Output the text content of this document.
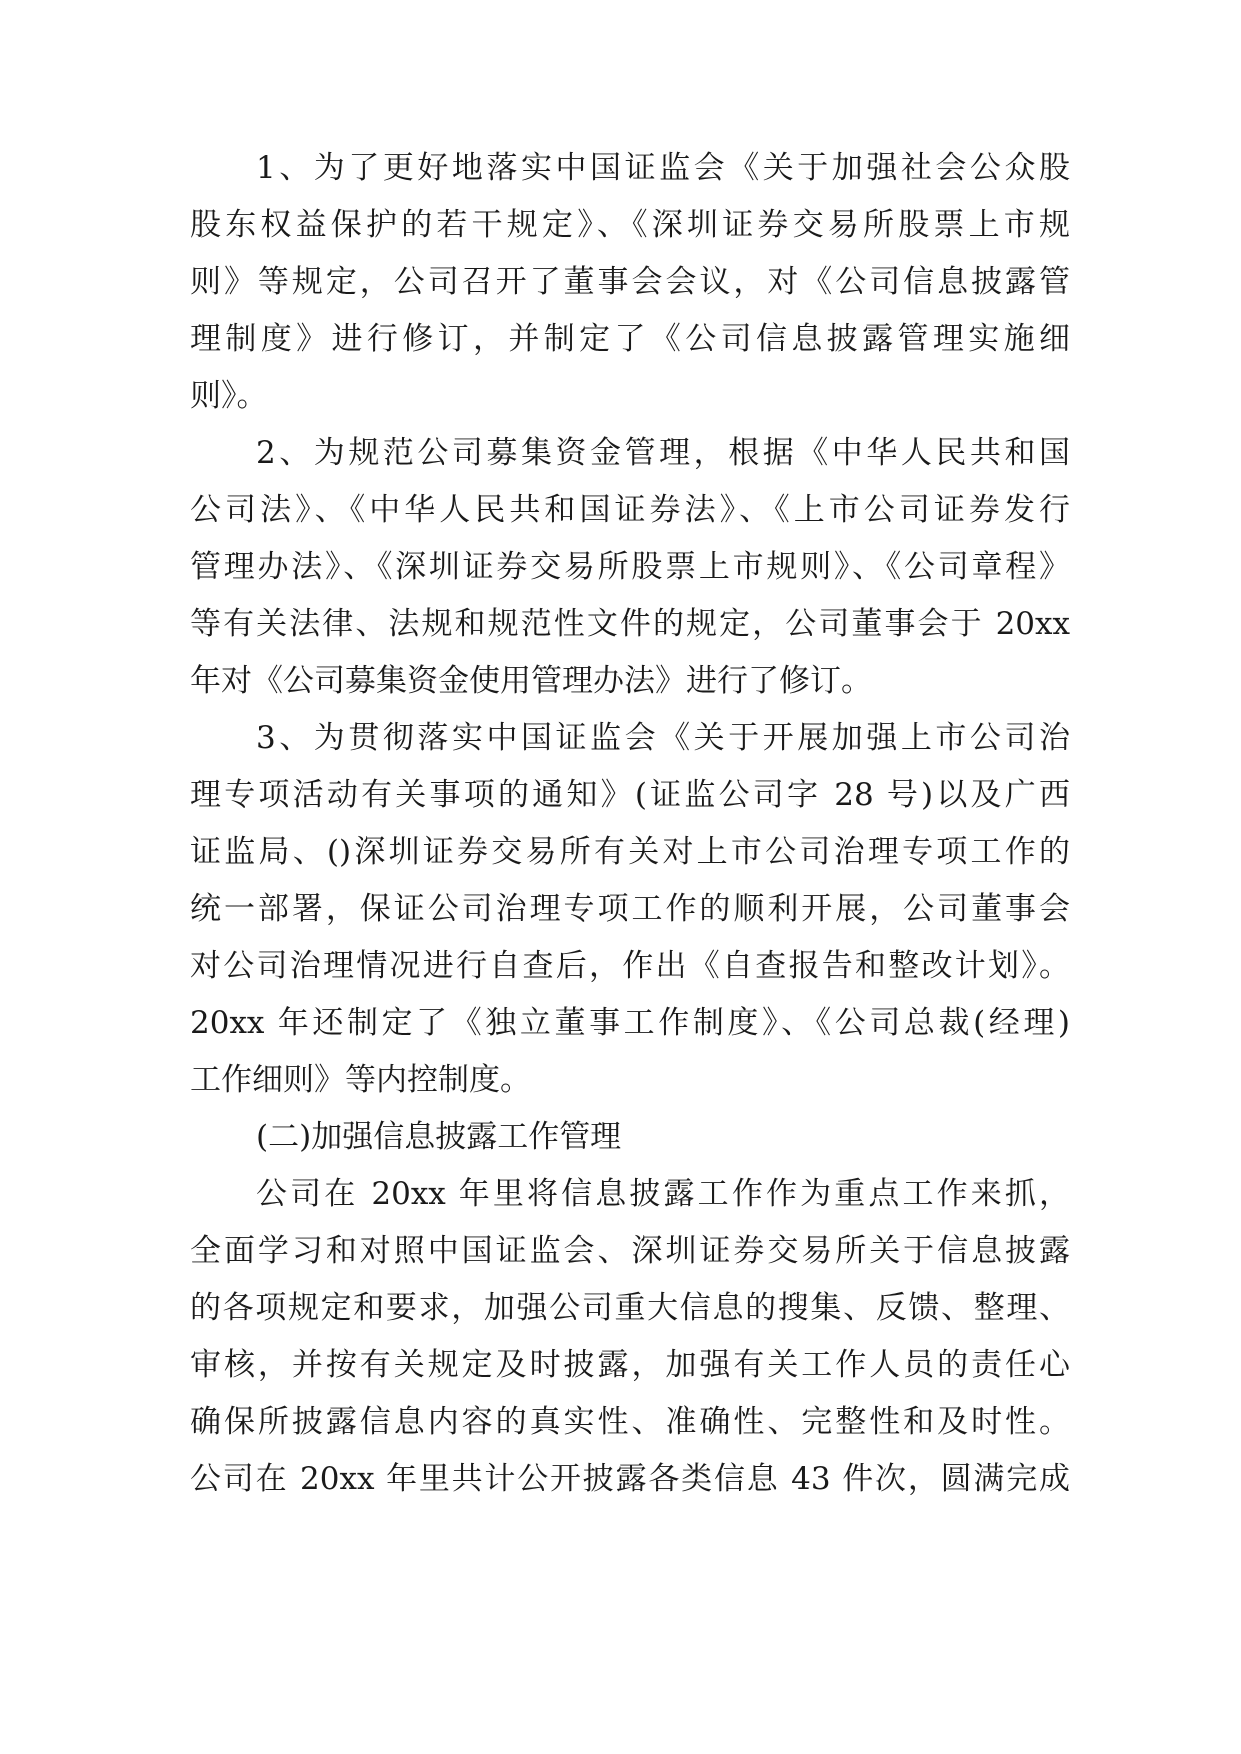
1、为了更好地落实中国证监会《关于加强社会公众股
股东权益保护的若干规定》、《深圳证券交易所股票上市规
则》等规定，公司召开了董事会会议，对《公司信息披露管
理制度》进行修订，并制定了《公司信息披露管理实施细
则》。
2、为规范公司募集资金管理，根据《中华人民共和国
公司法》、《中华人民共和国证券法》、《上市公司证券发行
管理办法》、《深圳证券交易所股票上市规则》、《公司章程》
等有关法律、法规和规范性文件的规定，公司董事会于 20xx
年对《公司募集资金使用管理办法》进行了修订。
3、为贯彻落实中国证监会《关于开展加强上市公司治
理专项活动有关事项的通知》(证监公司字 28 号)以及广西
证监局、()深圳证券交易所有关对上市公司治理专项工作的
统一部署，保证公司治理专项工作的顺利开展，公司董事会
对公司治理情况进行自查后，作出《自查报告和整改计划》。
20xx 年还制定了《独立董事工作制度》、《公司总裁(经理)
工作细则》等内控制度。
(二)加强信息披露工作管理
公司在 20xx 年里将信息披露工作作为重点工作来抓，
全面学习和对照中国证监会、深圳证券交易所关于信息披露
的各项规定和要求，加强公司重大信息的搜集、反馈、整理、
审核，并按有关规定及时披露，加强有关工作人员的责任心
确保所披露信息内容的真实性、准确性、完整性和及时性。
公司在 20xx 年里共计公开披露各类信息 43 件次，圆满完成
